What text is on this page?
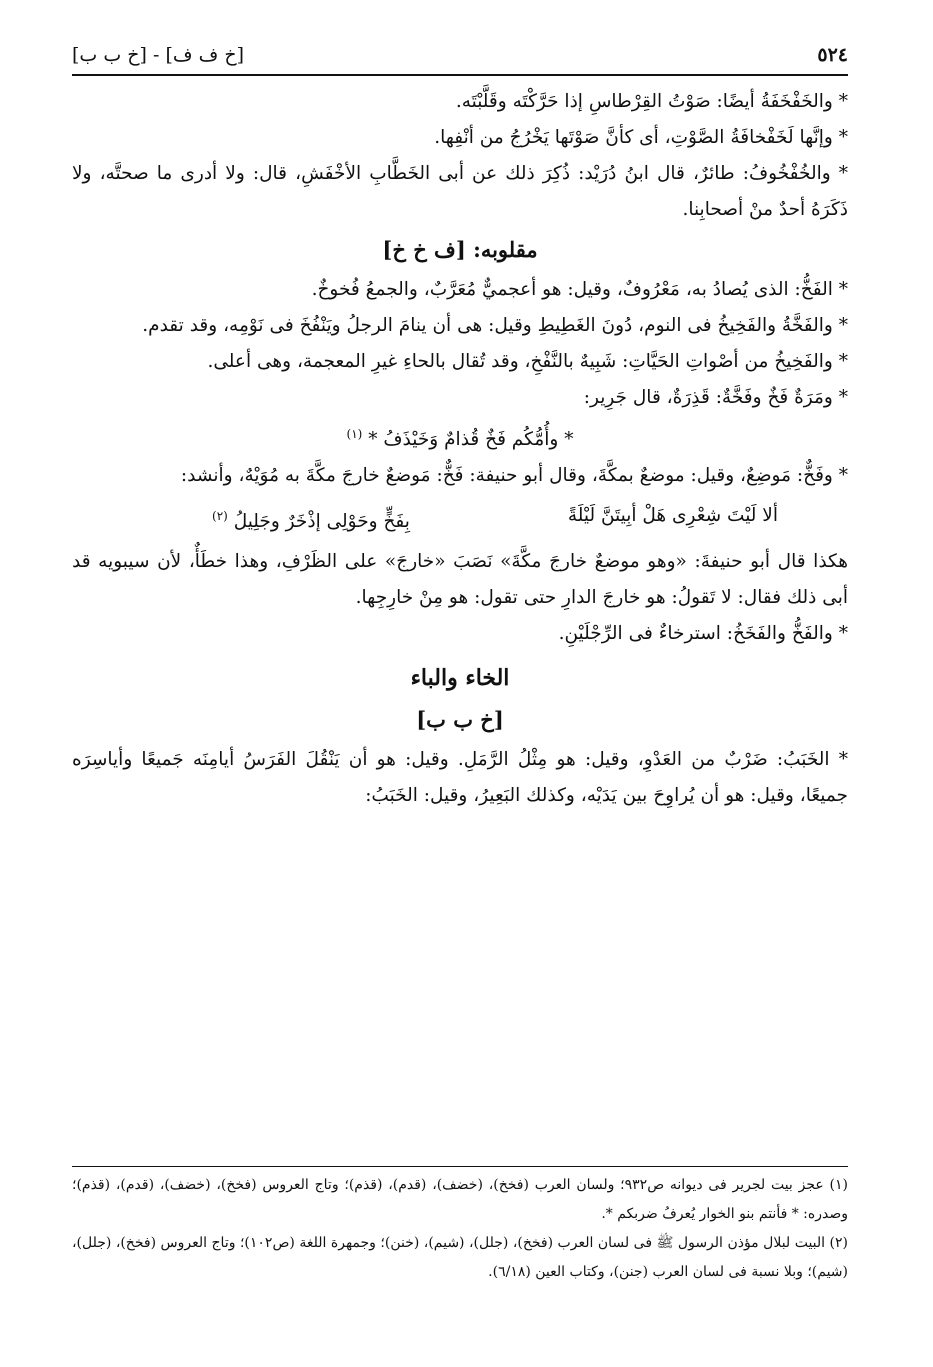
٥٢٤
[خ ف ف] - [خ ب ب]

* والخَفْخَفَةُ أيضًا: صَوْتُ القِرْطاسِ إذا حَرَّكْتَه وقَلَّبْتَه.

* وإنَّها لَخَفْخافَةُ الصَّوْتِ، أى كأنَّ صَوْتَها يَخْرُجُ من أنْفِها.

* والخُفْخُوفُ: طائرٌ، قال ابنُ دُرَيْد: ذُكِرَ ذلك عن أبى الخَطَّابِ الأخْفَشِ، قال: ولا أدرى ما صحتَّه، ولا ذَكَرَهُ أحدٌ منْ أصحابِنا.

مقلوبه: [ف خ خ]

* الفَخُّ: الذى يُصادُ به، مَعْرُوفٌ، وقيل: هو أعجميٌّ مُعَرَّبٌ، والجمعُ فُخوخٌ.

* والفَخَّةُ والفَخِيخُ فى النوم، دُونَ الغَطِيطِ وقيل: هى أن ينامَ الرجلُ ويَنْفُخَ فى نَوْمِه، وقد تقدم.

* والفَخِيخُ من أصْواتِ الحَيَّاتِ: شَبِيهٌ بالنَّفْخِ، وقد تُقال بالحاءِ غيرِ المعجمة، وهى أعلى.

* ومَرَةٌ فَخٌ وفَخَّةٌ: قَذِرَةٌ، قال جَرِير:

* وأُمُّكُم فَخٌ قُذامٌ وَخَيْذَفُ * $^{(١)}$

* وفَخٌّ: مَوضِعٌ، وقيل: موضعٌ بمكَّةَ، وقال أبو حنيفة: فَخٌّ: مَوضعٌ خارجَ مكَّةَ به مُوَيْهٌ، وأنشد:

ألا لَيْتَ شِعْرِى هَلْ أبِيتَنَّ لَيْلَةً
بِفَخٍّ وحَوْلِى إذْخَرٌ وجَلِيلُ $^{(٢)}$

هكذا قال أبو حنيفةَ: «وهو موضعٌ خارجَ مكَّةَ» نَصَبَ «خارجَ» على الظَرْفِ، وهذا خطَأٌ، لأن سيبويه قد أبى ذلك فقال: لا تَقولُ: هو خارجَ الدارِ حتى تقول: هو مِنْ خارِجِها.

* والفَخُّ والفَخَخُ: استرخاءٌ فى الرِّجْلَيْنِ.

الخاء والباء
[خ ب ب]

* الخَبَبُ: ضَرْبٌ من العَدْوِ، وقيل: هو مِثْلُ الرَّمَلِ. وقيل: هو أن يَنْقُلَ الفَرَسُ أيامِنَه جَميعًا وأياسِرَه جميعًا، وقيل: هو أن يُراوِحَ بين يَدَيْه، وكذلك البَعِيرُ، وقيل: الخَبَبُ:

(١) عجز بيت لجرير فى ديوانه ص٩٣٢؛ ولسان العرب (فخخ)، (خضف)، (قدم)، (قذم)؛ وتاج العروس (فخخ)، (خضف)، (قدم)، (قذم)؛ وصدره: * فأنتم بنو الخوار يُعرفُ ضربكم *.

(٢) البيت لبلال مؤذن الرسول ﷺ فى لسان العرب (فخخ)، (جلل)، (شيم)، (خنن)؛ وجمهرة اللغة (ص١٠٢)؛ وتاج العروس (فخخ)، (جلل)، (شيم)؛ وبلا نسبة فى لسان العرب (جنن)، وكتاب العين (٦/١٨).
